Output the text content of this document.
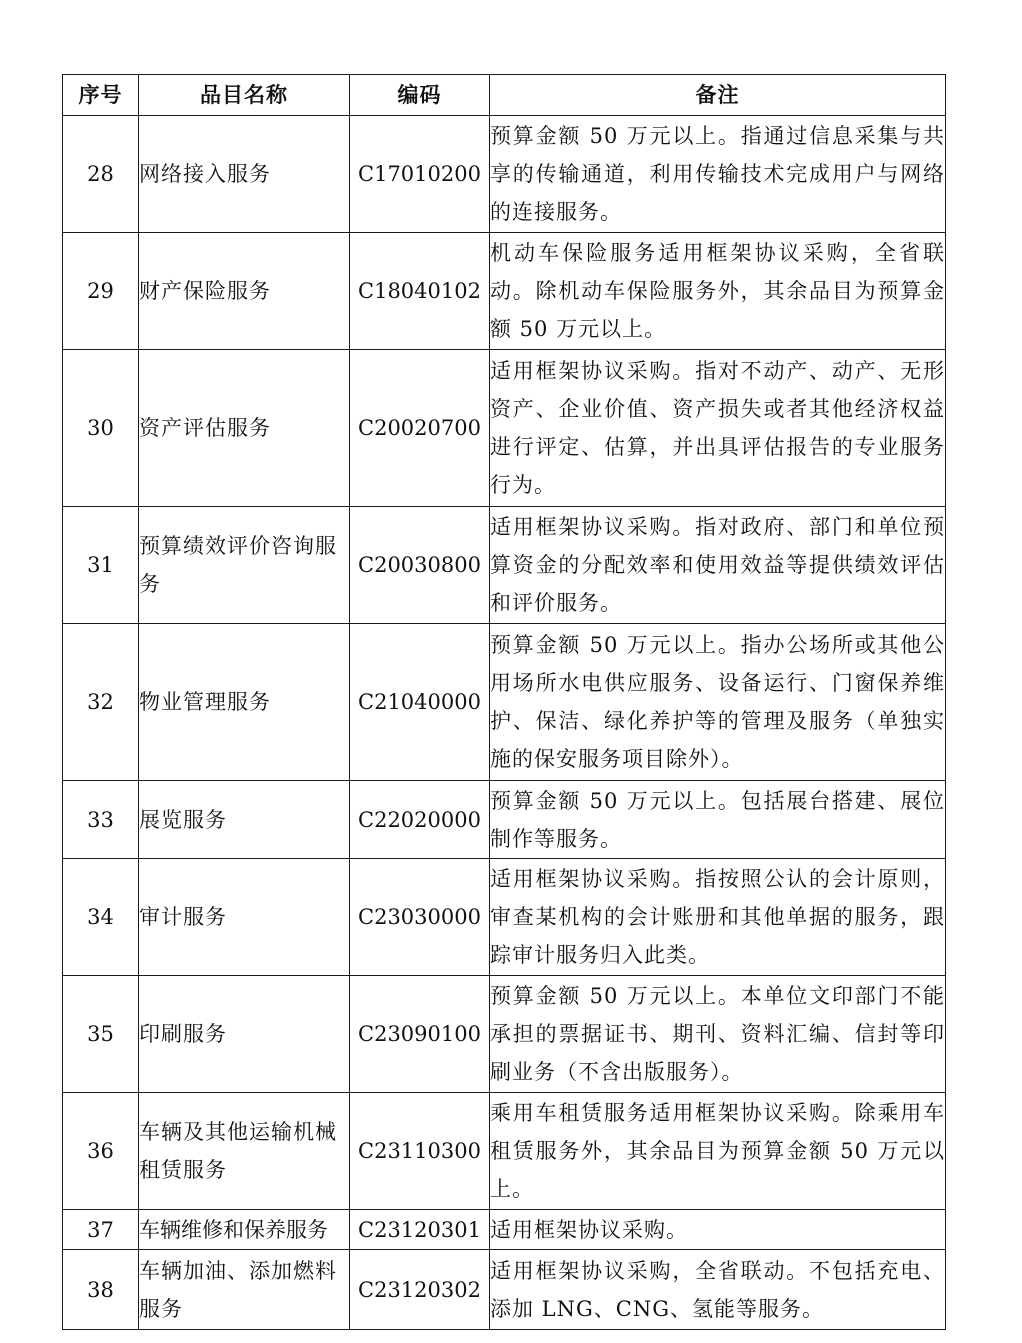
序号	品目名称	编码	备注
28	网络接入服务	C17010200	预算金额 50 万元以上。指通过信息采集与共享的传输通道，利用传输技术完成用户与网络的连接服务。
29	财产保险服务	C18040102	机动车保险服务适用框架协议采购，全省联动。除机动车保险服务外，其余品目为预算金额 50 万元以上。
30	资产评估服务	C20020700	适用框架协议采购。指对不动产、动产、无形资产、企业价值、资产损失或者其他经济权益进行评定、估算，并出具评估报告的专业服务行为。
31	预算绩效评价咨询服务	C20030800	适用框架协议采购。指对政府、部门和单位预算资金的分配效率和使用效益等提供绩效评估和评价服务。
32	物业管理服务	C21040000	预算金额 50 万元以上。指办公场所或其他公用场所水电供应服务、设备运行、门窗保养维护、保洁、绿化养护等的管理及服务（单独实施的保安服务项目除外）。
33	展览服务	C22020000	预算金额 50 万元以上。包括展台搭建、展位制作等服务。
34	审计服务	C23030000	适用框架协议采购。指按照公认的会计原则，审查某机构的会计账册和其他单据的服务，跟踪审计服务归入此类。
35	印刷服务	C23090100	预算金额 50 万元以上。本单位文印部门不能承担的票据证书、期刊、资料汇编、信封等印刷业务（不含出版服务）。
36	车辆及其他运输机械租赁服务	C23110300	乘用车租赁服务适用框架协议采购。除乘用车租赁服务外，其余品目为预算金额 50 万元以上。
37	车辆维修和保养服务	C23120301	适用框架协议采购。
38	车辆加油、添加燃料服务	C23120302	适用框架协议采购，全省联动。不包括充电、添加 LNG、CNG、氢能等服务。
